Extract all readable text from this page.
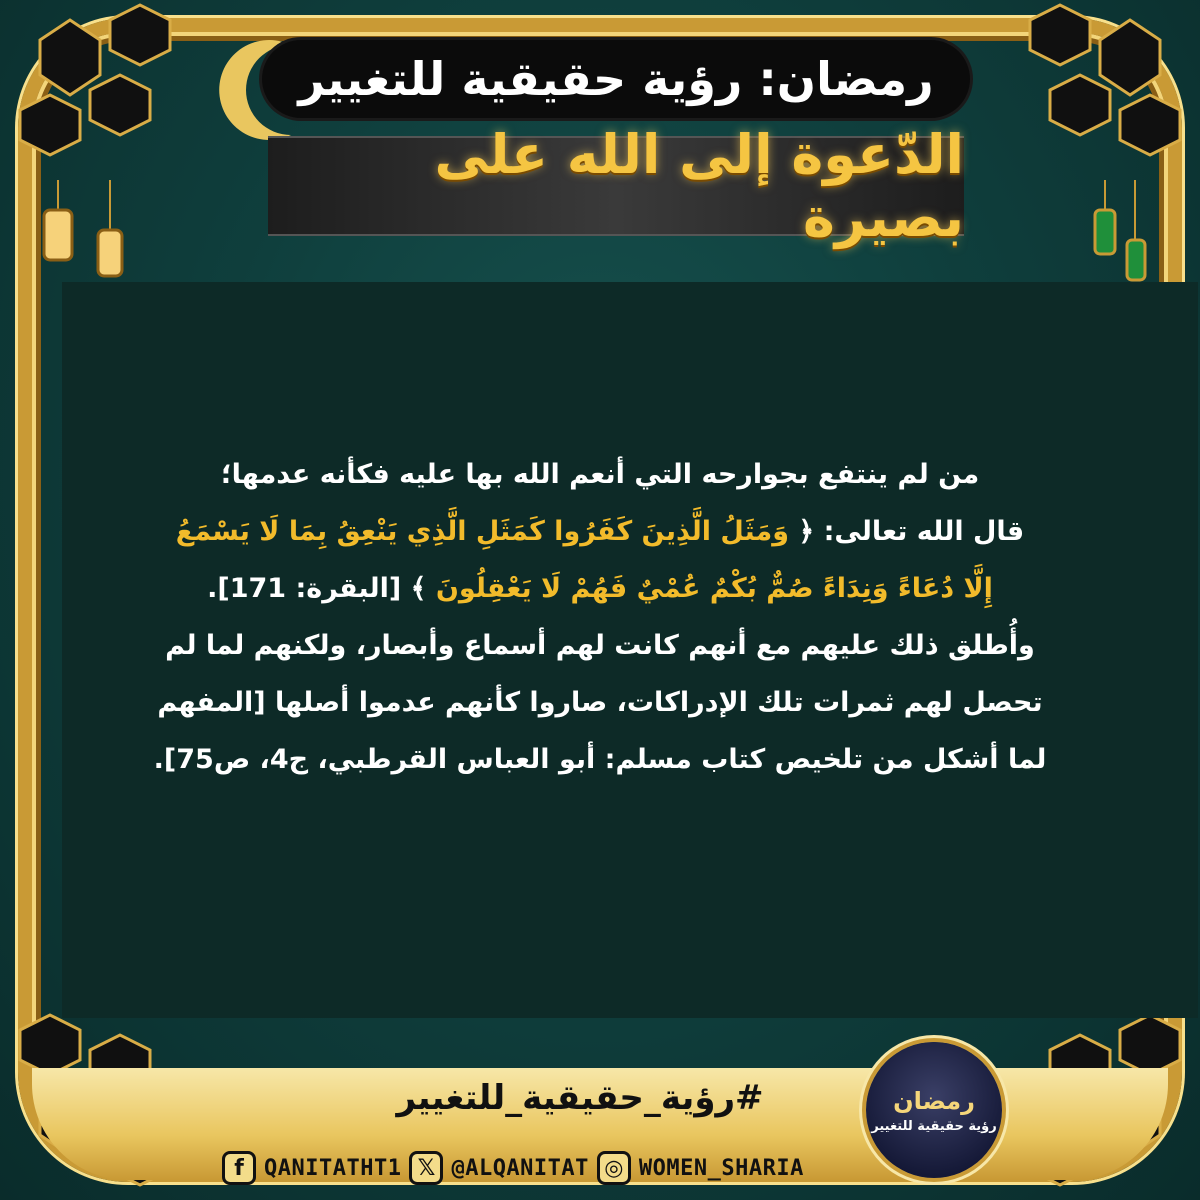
رمضان: رؤية حقيقية للتغيير
الدّعوة إلى الله على بصيرة
من لم ينتفع بجوارحه التي أنعم الله بها عليه فكأنه عدمها؛
قال الله تعالى: ﴿ وَمَثَلُ الَّذِينَ كَفَرُوا كَمَثَلِ الَّذِي يَنْعِقُ بِمَا لَا يَسْمَعُ
إِلَّا دُعَاءً وَنِدَاءً صُمٌّ بُكْمٌ عُمْيٌ فَهُمْ لَا يَعْقِلُونَ ﴾ [البقرة: 171].
وأُطلق ذلك عليهم مع أنهم كانت لهم أسماع وأبصار، ولكنهم لما لم
تحصل لهم ثمرات تلك الإدراكات، صاروا كأنهم عدموا أصلها [المفهم
لما أشكل من تلخيص كتاب مسلم: أبو العباس القرطبي، ج4، ص75].
#رؤية_حقيقية_للتغيير
f QANITATHT1 𝕏 @ALQANITAT ◎ WOMEN_SHARIA
رمضان
رؤية حقيقية للتغيير
